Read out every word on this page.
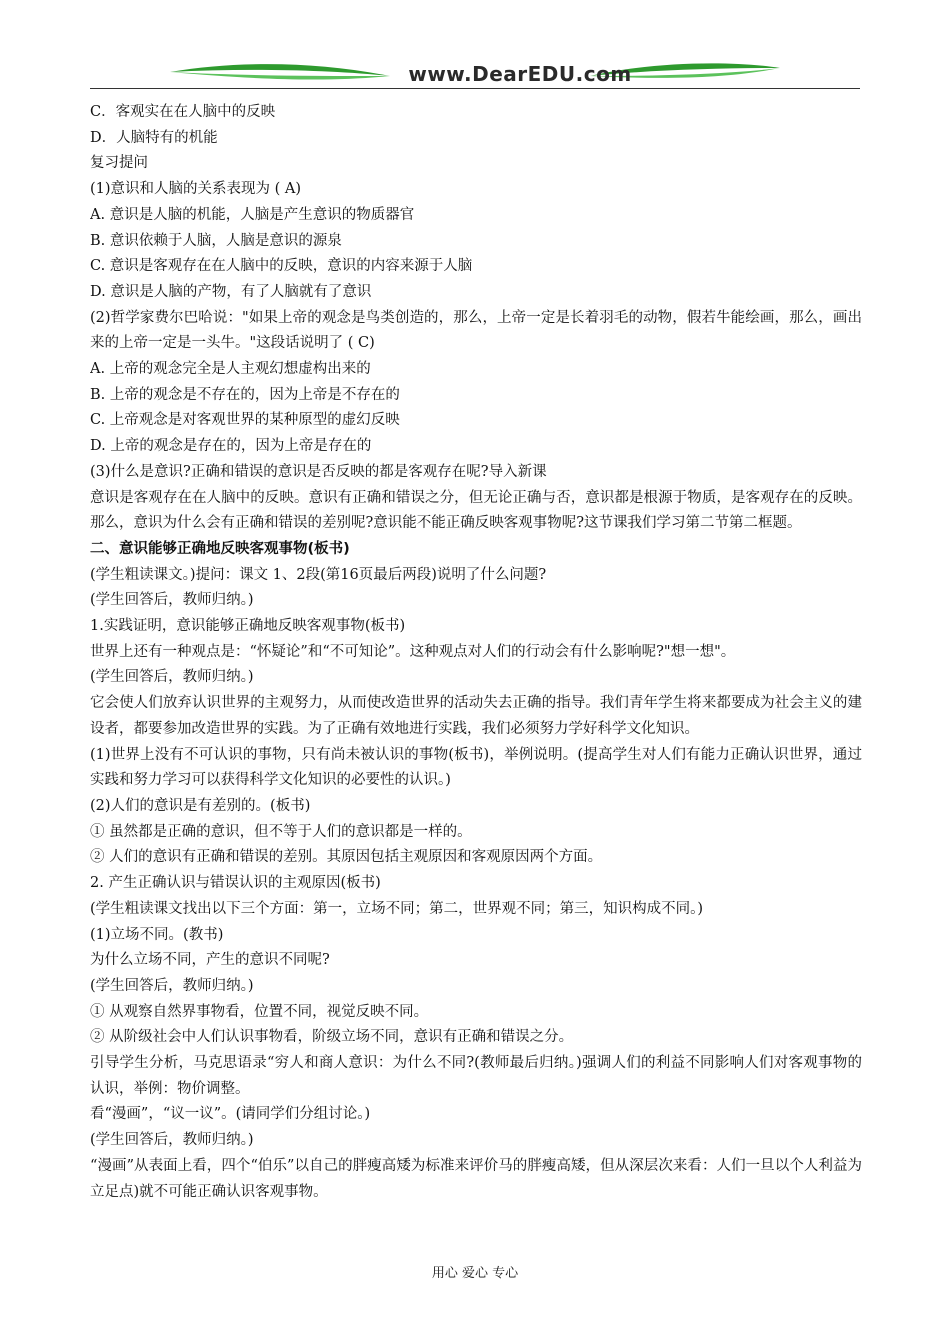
www.DearEDU.com
C．客观实在在人脑中的反映
D．人脑特有的机能
复习提问
(1)意识和人脑的关系表现为 ( A)
A. 意识是人脑的机能，人脑是产生意识的物质器官
B. 意识依赖于人脑，人脑是意识的源泉
C. 意识是客观存在在人脑中的反映，意识的内容来源于人脑
D. 意识是人脑的产物，有了人脑就有了意识
(2)哲学家费尔巴哈说："如果上帝的观念是鸟类创造的，那么，上帝一定是长着羽毛的动物，假若牛能绘画，那么，画出来的上帝一定是一头牛。"这段话说明了 ( C)
A. 上帝的观念完全是人主观幻想虚构出来的
B. 上帝的观念是不存在的，因为上帝是不存在的
C. 上帝观念是对客观世界的某种原型的虚幻反映
D. 上帝的观念是存在的，因为上帝是存在的
(3)什么是意识?正确和错误的意识是否反映的都是客观存在呢?导入新课
意识是客观存在在人脑中的反映。意识有正确和错误之分，但无论正确与否，意识都是根源于物质，是客观存在的反映。那么，意识为什么会有正确和错误的差别呢?意识能不能正确反映客观事物呢?这节课我们学习第二节第二框题。
二、意识能够正确地反映客观事物(板书)
(学生粗读课文。)提问：课文 1、2段(第16页最后两段)说明了什么问题?
(学生回答后，教师归纳。)
1.实践证明，意识能够正确地反映客观事物(板书)
世界上还有一种观点是：“怀疑论”和“不可知论”。这种观点对人们的行动会有什么影响呢?"想一想"。
(学生回答后，教师归纳。)
它会使人们放弃认识世界的主观努力，从而使改造世界的活动失去正确的指导。我们青年学生将来都要成为社会主义的建设者，都要参加改造世界的实践。为了正确有效地进行实践，我们必须努力学好科学文化知识。
(1)世界上没有不可认识的事物，只有尚未被认识的事物(板书)，举例说明。(提高学生对人们有能力正确认识世界，通过实践和努力学习可以获得科学文化知识的必要性的认识。)
(2)人们的意识是有差别的。(板书)
① 虽然都是正确的意识，但不等于人们的意识都是一样的。
② 人们的意识有正确和错误的差别。其原因包括主观原因和客观原因两个方面。
2. 产生正确认识与错误认识的主观原因(板书)
(学生粗读课文找出以下三个方面：第一，立场不同；第二，世界观不同；第三，知识构成不同。)
(1)立场不同。(教书)
为什么立场不同，产生的意识不同呢?
(学生回答后，教师归纳。)
① 从观察自然界事物看，位置不同，视觉反映不同。
② 从阶级社会中人们认识事物看，阶级立场不同，意识有正确和错误之分。
引导学生分析，马克思语录“穷人和商人意识：为什么不同?(教师最后归纳。)强调人们的利益不同影响人们对客观事物的认识，举例：物价调整。
看“漫画”，“议一议”。(请同学们分组讨论。)
(学生回答后，教师归纳。)
“漫画”从表面上看，四个“伯乐”以自己的胖瘦高矮为标准来评价马的胖瘦高矮，但从深层次来看：人们一旦以个人利益为立足点)就不可能正确认识客观事物。
用心 爱心 专心
